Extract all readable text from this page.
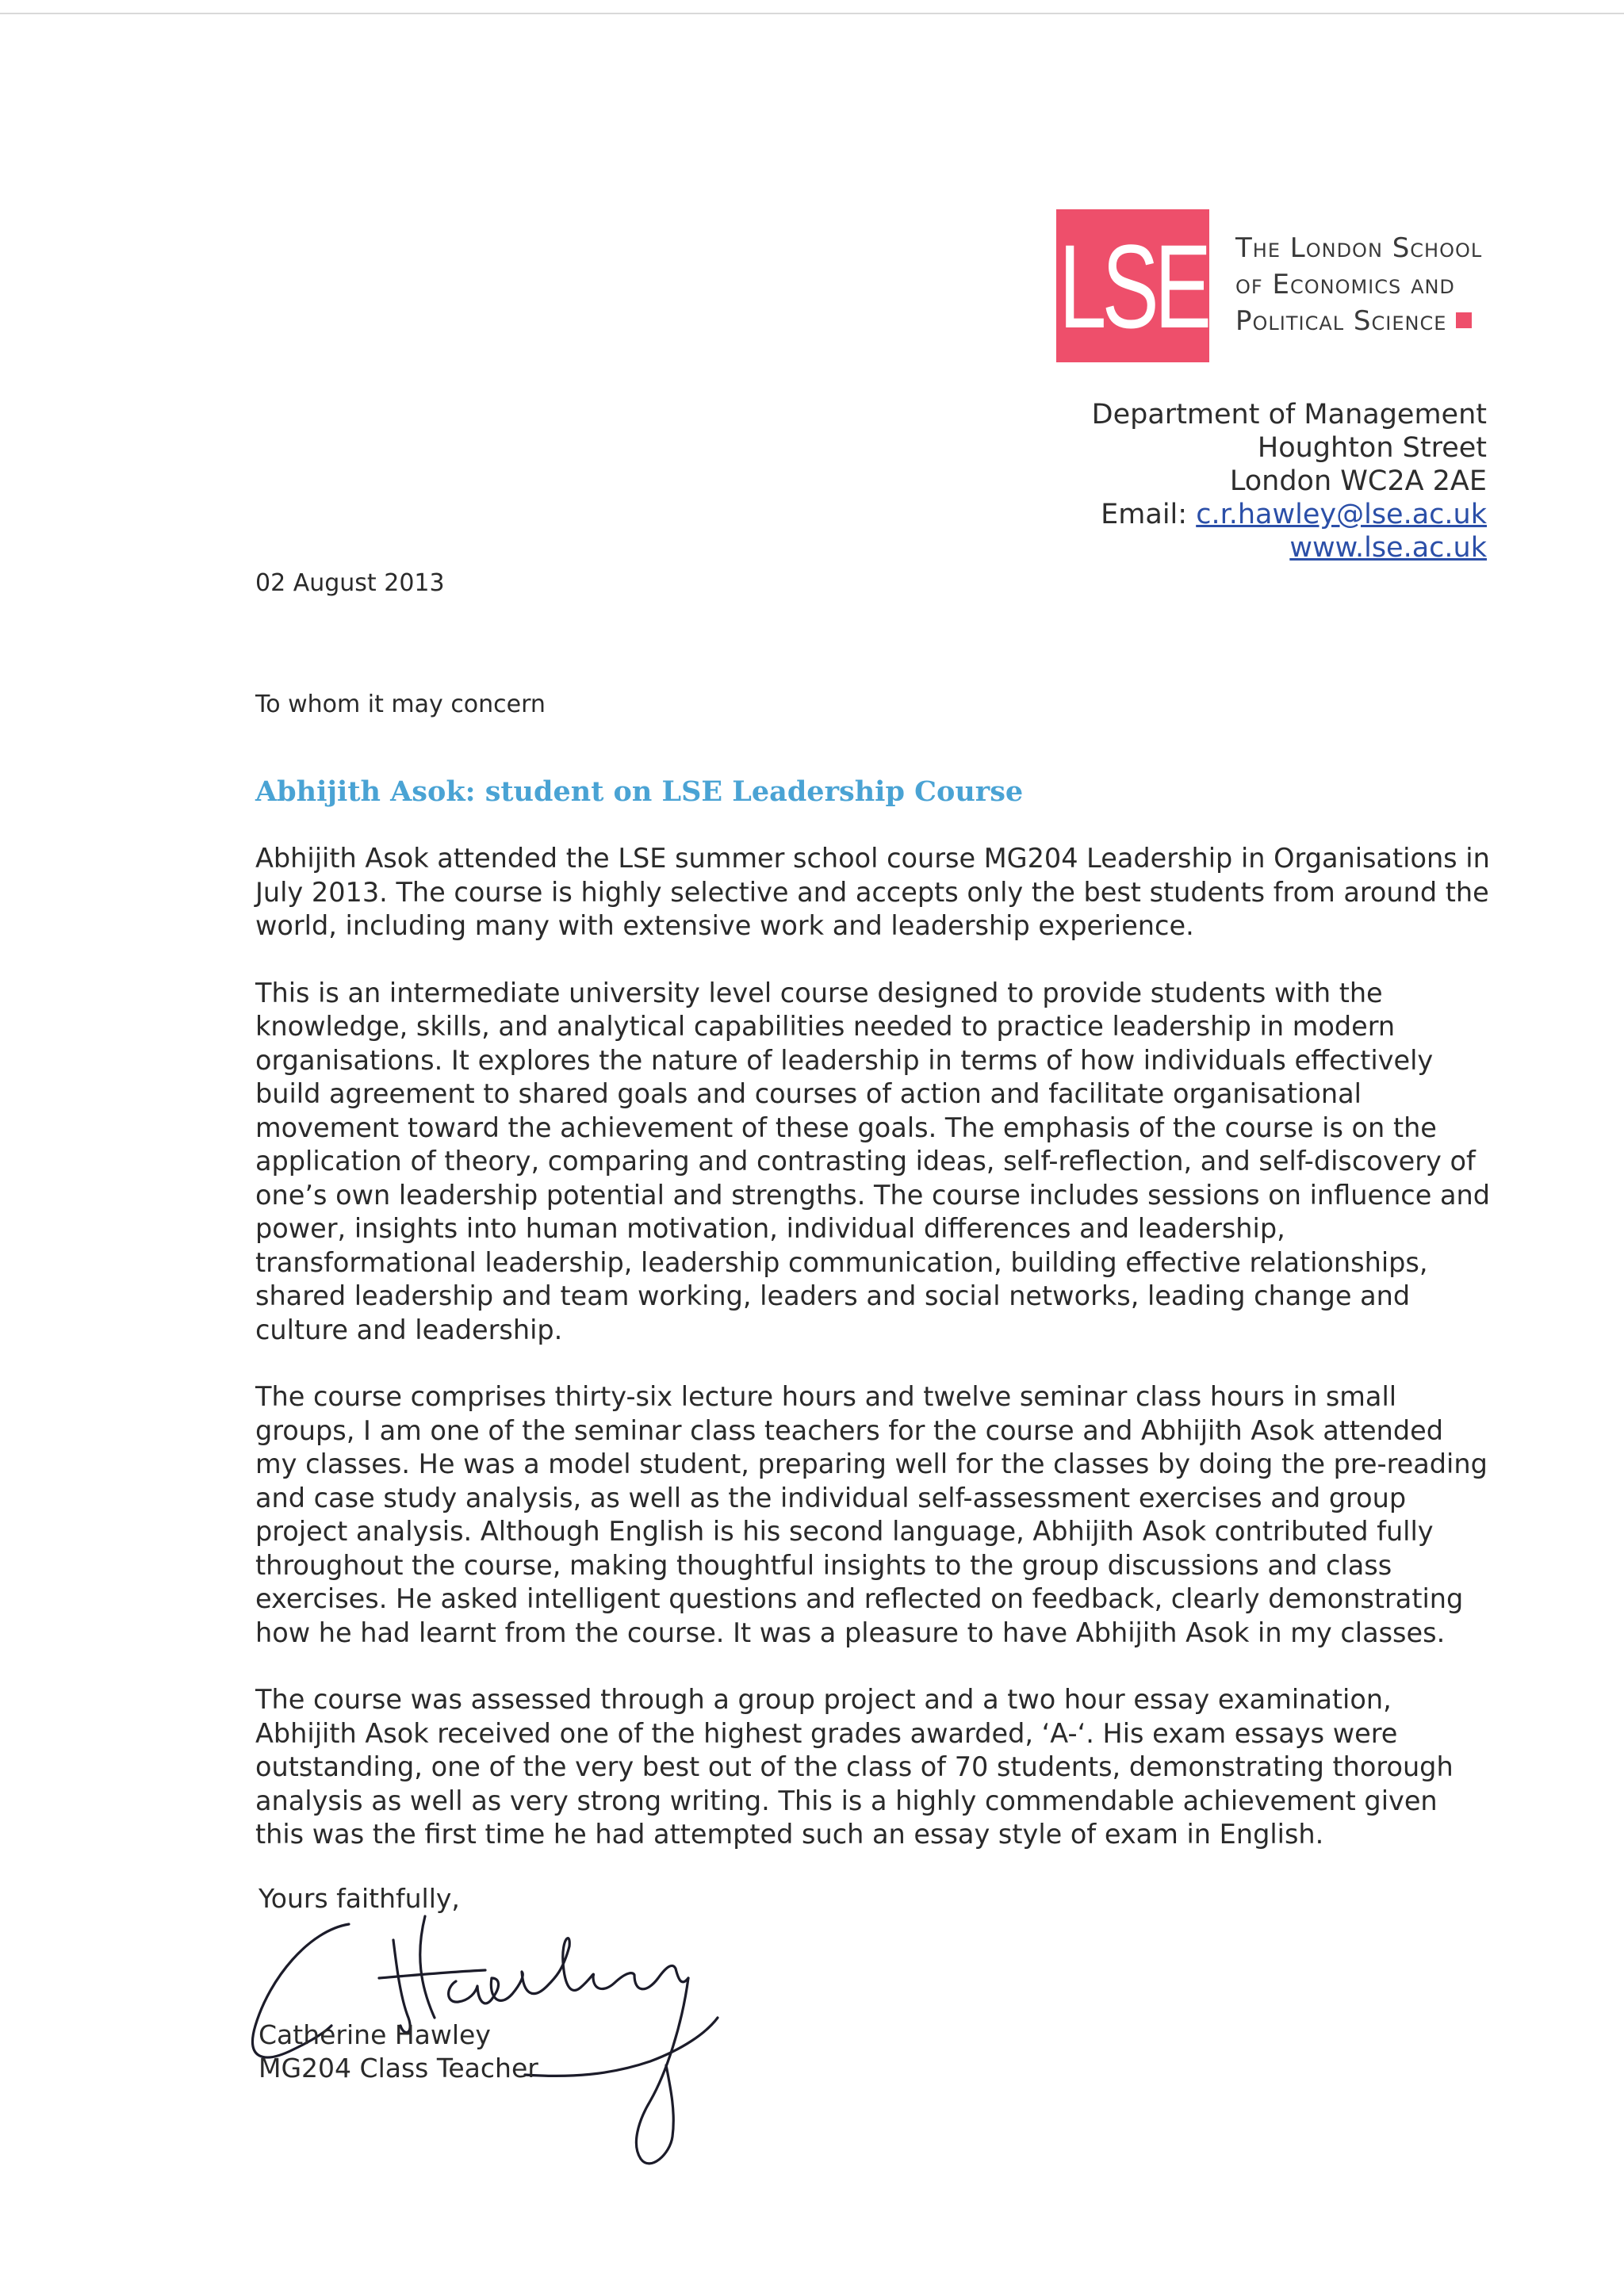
LSE The London School
of Economics and
Political Science
Department of Management
Houghton Street
London WC2A 2AE
Email: c.r.hawley@lse.ac.uk
www.lse.ac.uk
02 August 2013
To whom it may concern
Abhijith Asok: student on LSE Leadership Course

Abhijith Asok attended the LSE summer school course MG204 Leadership in Organisations in July 2013. The course is highly selective and accepts only the best students from around the world, including many with extensive work and leadership experience.

This is an intermediate university level course designed to provide students with the knowledge, skills, and analytical capabilities needed to practice leadership in modern organisations. It explores the nature of leadership in terms of how individuals effectively build agreement to shared goals and courses of action and facilitate organisational movement toward the achievement of these goals. The emphasis of the course is on the application of theory, comparing and contrasting ideas, self-reflection, and self-discovery of one’s own leadership potential and strengths. The course includes sessions on influence and power, insights into human motivation, individual differences and leadership, transformational leadership, leadership communication, building effective relationships, shared leadership and team working, leaders and social networks, leading change and culture and leadership.

The course comprises thirty-six lecture hours and twelve seminar class hours in small groups, I am one of the seminar class teachers for the course and Abhijith Asok attended my classes. He was a model student, preparing well for the classes by doing the pre-reading and case study analysis, as well as the individual self-assessment exercises and group project analysis. Although English is his second language, Abhijith Asok contributed fully throughout the course, making thoughtful insights to the group discussions and class exercises. He asked intelligent questions and reflected on feedback, clearly demonstrating how he had learnt from the course. It was a pleasure to have Abhijith Asok in my classes.

The course was assessed through a group project and a two hour essay examination, Abhijith Asok received one of the highest grades awarded, ‘A-‘. His exam essays were outstanding, one of the very best out of the class of 70 students, demonstrating thorough analysis as well as very strong writing. This is a highly commendable achievement given this was the first time he had attempted such an essay style of exam in English.

Yours faithfully,
Catherine Hawley
MG204 Class Teacher
